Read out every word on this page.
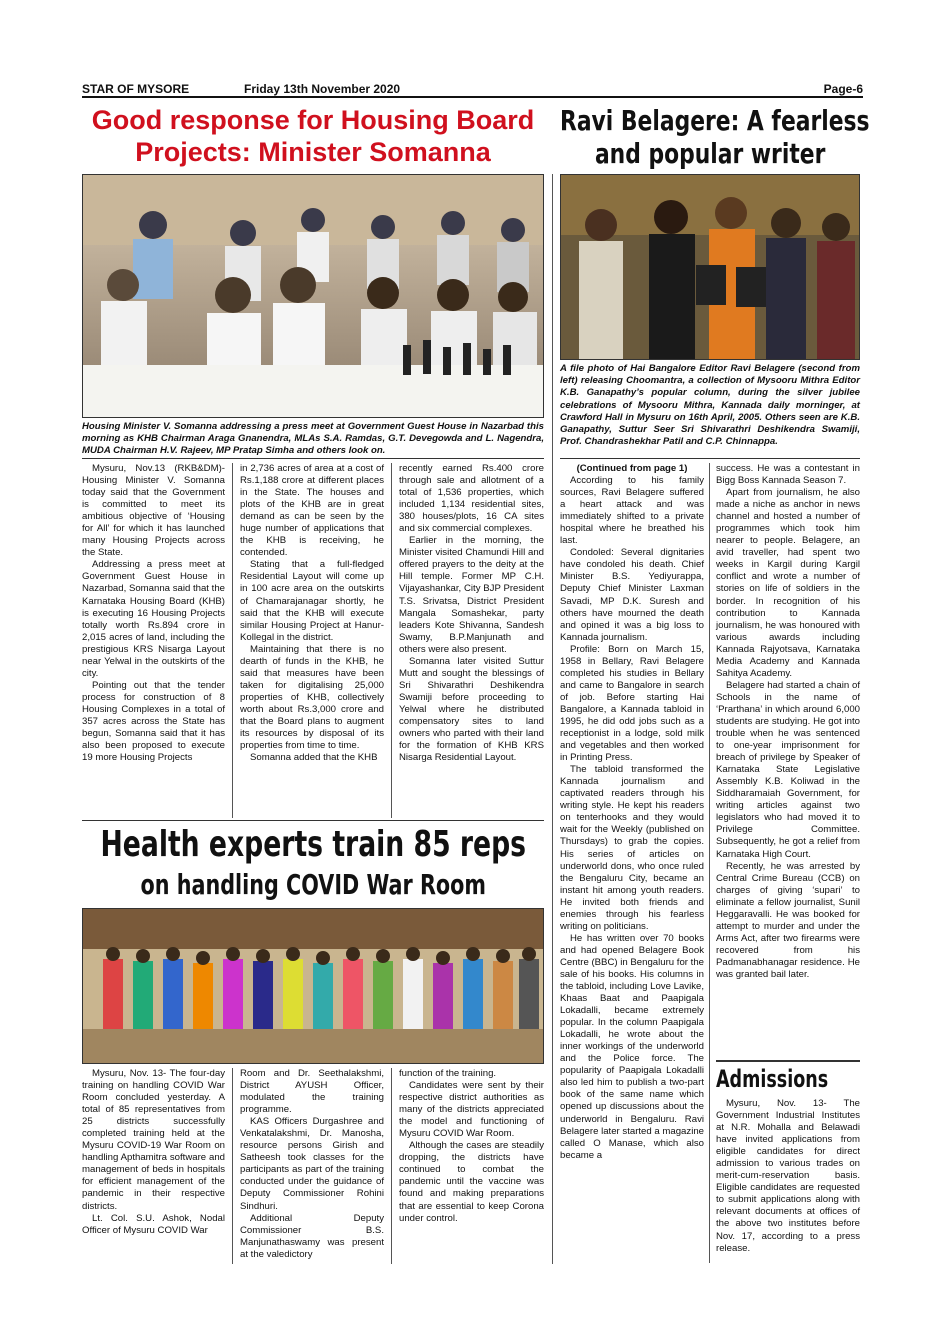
STAR OF MYSORE	Friday 13th November 2020	Page-6
Good response for Housing Board
Projects: Minister Somanna
Ravi Belagere: A fearless
and popular writer
Housing Minister V. Somanna addressing a press meet at Government Guest House in Nazarbad this morning as KHB Chairman Araga Gnanendra, MLAs S.A. Ramdas, G.T. Devegowda and L. Nagendra, MUDA Chairman H.V. Rajeev, MP Pratap Simha and others look on.

Mysuru, Nov.13 (RKB&DM)- Housing Minister V. Somanna today said that the Government is committed to meet its ambitious objective of ‘Housing for All’ for which it has launched many Housing Projects across the State.

Addressing a press meet at Government Guest House in Nazarbad, Somanna said that the Karnataka Housing Board (KHB) is executing 16 Housing Projects totally worth Rs.894 crore in 2,015 acres of land, including the prestigious KRS Nisarga Layout near Yelwal in the outskirts of the city.

Pointing out that the tender process for construction of 8 Housing Complexes in a total of 357 acres across the State has begun, Somanna said that it has also been proposed to execute 19 more Housing Projects

in 2,736 acres of area at a cost of Rs.1,188 crore at different places in the State. The houses and plots of the KHB are in great demand as can be seen by the huge number of applications that the KHB is receiving, he contended.

Stating that a full-fledged Residential Layout will come up in 100 acre area on the outskirts of Chamarajanagar shortly, he said that the KHB will execute similar Housing Project at Hanur-Kollegal in the district.

Maintaining that there is no dearth of funds in the KHB, he said that measures have been taken for digitalising 25,000 properties of KHB, collectively worth about Rs.3,000 crore and that the Board plans to augment its resources by disposal of its properties from time to time.

Somanna added that the KHB

recently earned Rs.400 crore through sale and allotment of a total of 1,536 properties, which included 1,134 residential sites, 380 houses/plots, 16 CA sites and six commercial complexes.

Earlier in the morning, the Minister visited Chamundi Hill and offered prayers to the deity at the Hill temple. Former MP C.H. Vijayashankar, City BJP President T.S. Srivatsa, District President Mangala Somashekar, party leaders Kote Shivanna, Sandesh Swamy, B.P.Manjunath and others were also present.

Somanna later visited Suttur Mutt and sought the blessings of Sri Shivarathri Deshikendra Swamiji before proceeding to Yelwal where he distributed compensatory sites to land owners who parted with their land for the formation of KHB KRS Nisarga Residential Layout.

A file photo of Hai Bangalore Editor Ravi Belagere (second from left) releasing Choomantra, a collection of Mysooru Mithra Editor K.B. Ganapathy’s popular column, during the silver jubilee celebrations of Mysooru Mithra, Kannada daily morninger, at Crawford Hall in Mysuru on 16th April, 2005. Others seen are K.B. Ganapathy, Suttur Seer Sri Shivarathri Deshikendra Swamiji, Prof. Chandrashekhar Patil and C.P. Chinnappa.

(Continued from page 1)

According to his family sources, Ravi Belagere suffered a heart attack and was immediately shifted to a private hospital where he breathed his last.

Condoled: Several dignitaries have condoled his death. Chief Minister B.S. Yediyurappa, Deputy Chief Minister Laxman Savadi, MP D.K. Suresh and others have mourned the death and opined it was a big loss to Kannada journalism.

Profile: Born on March 15, 1958 in Bellary, Ravi Belagere completed his studies in Bellary and came to Bangalore in search of job. Before starting Hai Bangalore, a Kannada tabloid in 1995, he did odd jobs such as a receptionist in a lodge, sold milk and vegetables and then worked in Printing Press.

The tabloid transformed the Kannada journalism and captivated readers through his writing style. He kept his readers on tenterhooks and they would wait for the Weekly (published on Thursdays) to grab the copies. His series of articles on underworld dons, who once ruled the Bengaluru City, became an instant hit among youth readers. He invited both friends and enemies through his fearless writing on politicians.

He has written over 70 books and had opened Belagere Book Centre (BBC) in Bengaluru for the sale of his books. His columns in the tabloid, including Love Lavike, Khaas Baat and Paapigala Lokadalli, became extremely popular. In the column Paapigala Lokadalli, he wrote about the inner workings of the underworld and the Police force. The popularity of Paapigala Lokadalli also led him to publish a two-part book of the same name which opened up discussions about the underworld in Bengaluru. Ravi Belagere later started a magazine called O Manase, which also became a

success. He was a contestant in Bigg Boss Kannada Season 7.

Apart from journalism, he also made a niche as anchor in news channel and hosted a number of programmes which took him nearer to people. Belagere, an avid traveller, had spent two weeks in Kargil during Kargil conflict and wrote a number of stories on life of soldiers in the border. In recognition of his contribution to Kannada journalism, he was honoured with various awards including Kannada Rajyotsava, Karnataka Media Academy and Kannada Sahitya Academy.

Belagere had started a chain of Schools in the name of ‘Prarthana’ in which around 6,000 students are studying. He got into trouble when he was sentenced to one-year imprisonment for breach of privilege by Speaker of Karnataka State Legislative Assembly K.B. Koliwad in the Siddharamaiah Government, for writing articles against two legislators who had moved it to Privilege Committee. Subsequently, he got a relief from Karnataka High Court.

Recently, he was arrested by Central Crime Bureau (CCB) on charges of giving ‘supari’ to eliminate a fellow journalist, Sunil Heggaravalli. He was booked for attempt to murder and under the Arms Act, after two firearms were recovered from his Padmanabhanagar residence. He was granted bail later.

Admissions

Mysuru, Nov. 13- The Government Industrial Institutes at N.R. Mohalla and Belawadi have invited applications from eligible candidates for direct admission to various trades on merit-cum-reservation basis. Eligible candidates are requested to submit applications along with relevant documents at offices of the above two institutes before Nov. 17, according to a press release.

Health experts train 85 reps
on handling COVID War Room

Mysuru, Nov. 13- The four-day training on handling COVID War Room concluded yesterday. A total of 85 representatives from 25 districts successfully completed training held at the Mysuru COVID-19 War Room on handling Apthamitra software and management of beds in hospitals for efficient management of the pandemic in their respective districts.

Lt. Col. S.U. Ashok, Nodal Officer of Mysuru COVID War

Room and Dr. Seethalakshmi, District AYUSH Officer, modulated the training programme.

KAS Officers Durgashree and Venkatalakshmi, Dr. Manosha, resource persons Girish and Satheesh took classes for the participants as part of the training conducted under the guidance of Deputy Commissioner Rohini Sindhuri.

Additional Deputy Commissioner B.S. Manjunathaswamy was present at the valedictory

function of the training.

Candidates were sent by their respective district authorities as many of the districts appreciated the model and functioning of Mysuru COVID War Room.

Although the cases are steadily dropping, the districts have continued to combat the pandemic until the vaccine was found and making preparations that are essential to keep Corona under control.
